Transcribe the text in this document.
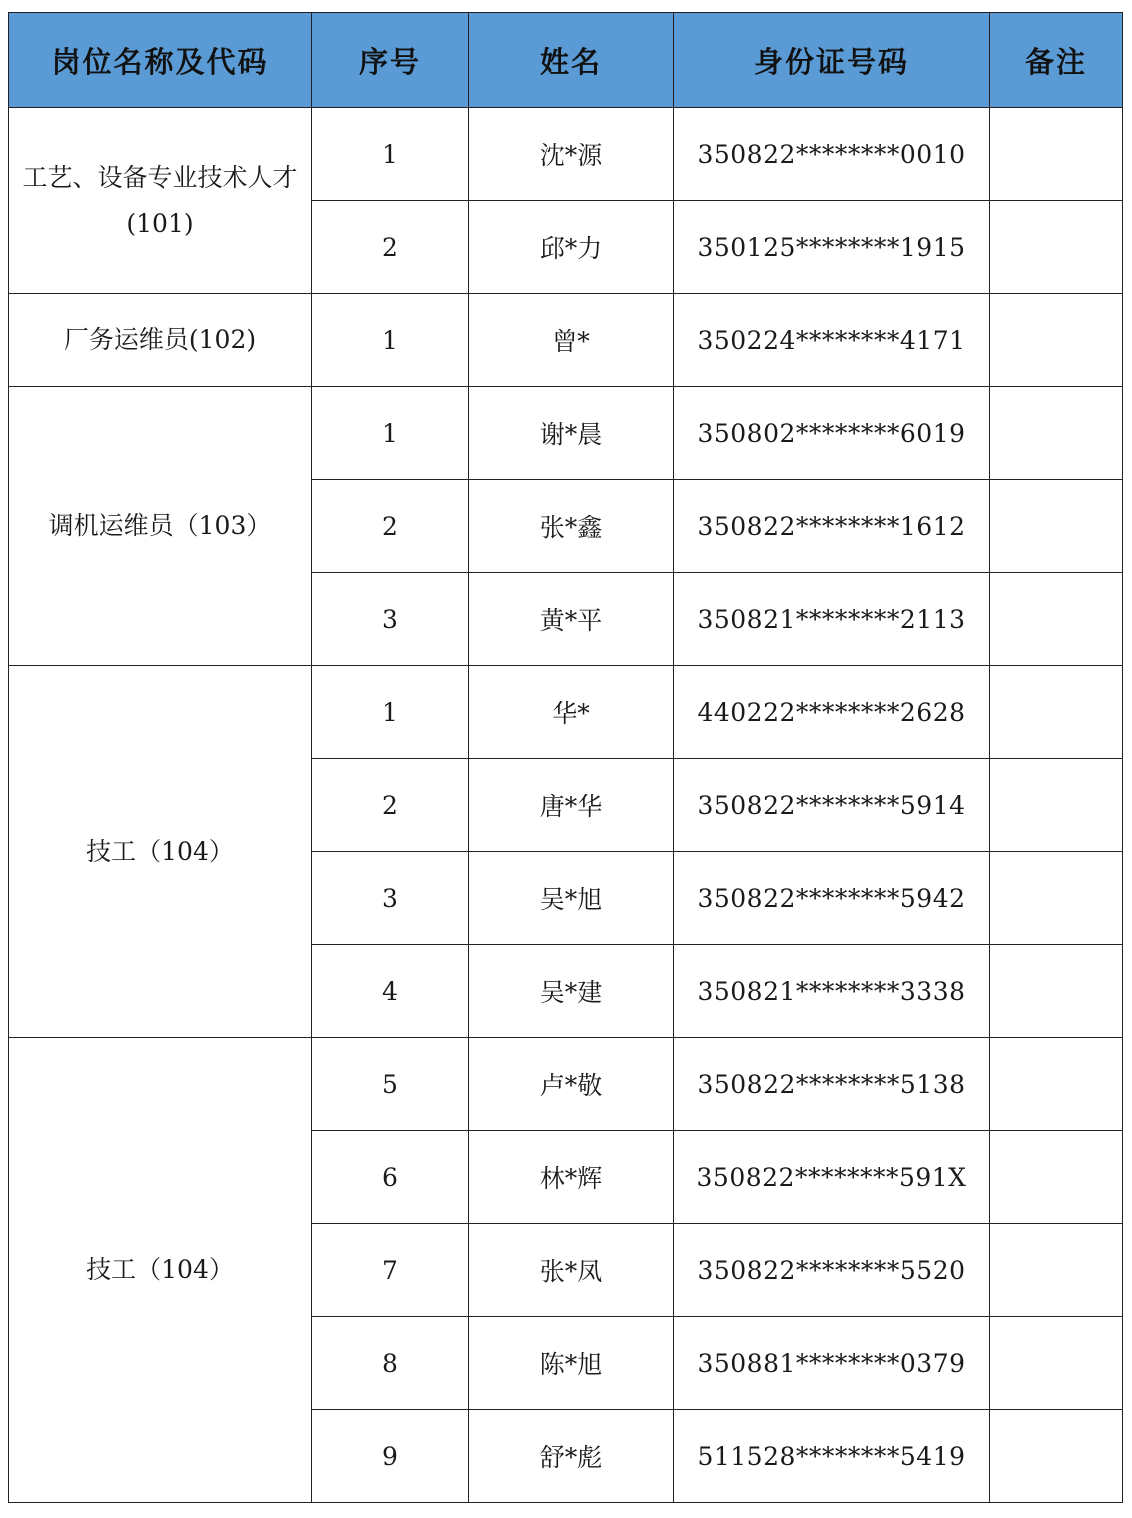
岗位名称及代码	序号	姓名	身份证号码	备注
工艺、设备专业技术人才(101)	1	沈*源	350822********0010	
	2	邱*力	350125********1915	
厂务运维员(102)	1	曾*	350224********4171	
调机运维员（103）	1	谢*晨	350802********6019	
	2	张*鑫	350822********1612	
	3	黄*平	350821********2113	
技工（104）	1	华*	440222********2628	
	2	唐*华	350822********5914	
	3	吴*旭	350822********5942	
	4	吴*建	350821********3338	
技工（104）	5	卢*敬	350822********5138	
	6	林*辉	350822********591X	
	7	张*凤	350822********5520	
	8	陈*旭	350881********0379	
	9	舒*彪	511528********5419	
